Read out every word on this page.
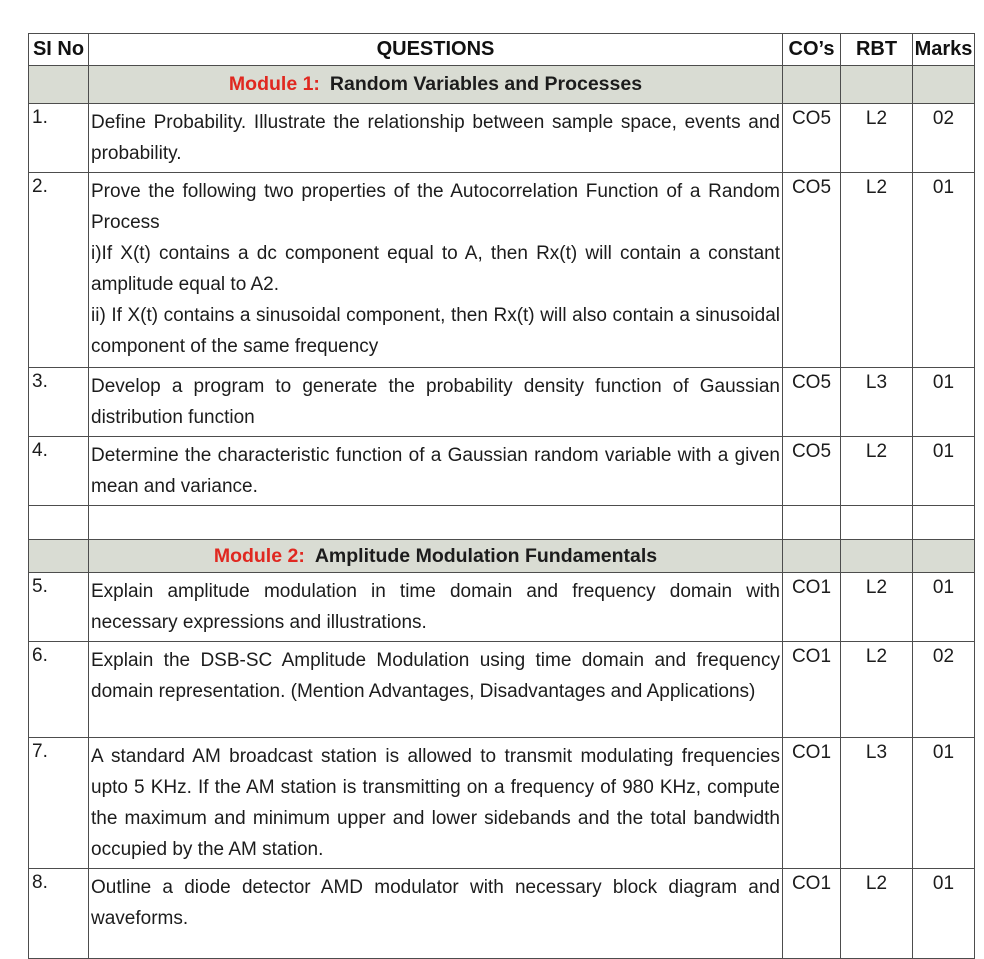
SI No	QUESTIONS	CO’s	RBT	Marks
	Module 1: Random Variables and Processes			
1.	Define Probability. Illustrate the relationship between sample space, events and probability.	CO5	L2	02
2.	Prove the following two properties of the Autocorrelation Function of a Random Process
i)If X(t) contains a dc component equal to A, then Rx(t) will contain a constant amplitude equal to A2.
ii) If X(t) contains a sinusoidal component, then Rx(t) will also contain a sinusoidal component of the same frequency	CO5	L2	01
3.	Develop a program to generate the probability density function of Gaussian distribution function	CO5	L3	01
4.	Determine the characteristic function of a Gaussian random variable with a given mean and variance.	CO5	L2	01

	Module 2: Amplitude Modulation Fundamentals			
5.	Explain amplitude modulation in time domain and frequency domain with necessary expressions and illustrations.	CO1	L2	01
6.	Explain the DSB-SC Amplitude Modulation using time domain and frequency domain representation. (Mention Advantages, Disadvantages and Applications)	CO1	L2	02
7.	A standard AM broadcast station is allowed to transmit modulating frequencies upto 5 KHz. If the AM station is transmitting on a frequency of 980 KHz, compute the maximum and minimum upper and lower sidebands and the total bandwidth occupied by the AM station.	CO1	L3	01
8.	Outline a diode detector AMD modulator with necessary block diagram and waveforms.	CO1	L2	01
